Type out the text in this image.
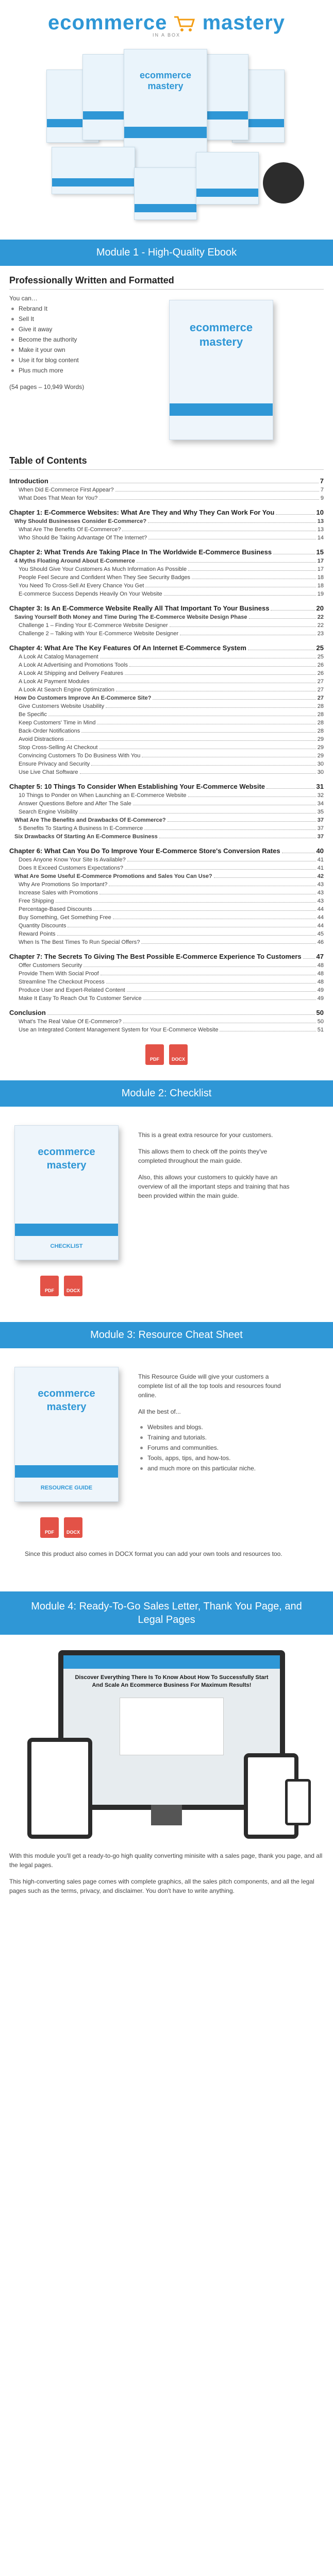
ecommerce mastery
IN A BOX
ecommerce mastery
Module 1 - High-Quality Ebook
Professionally Written and Formatted
You can…
Rebrand It
Sell It
Give it away
Become the authority
Make it your own
Use it for blog content
Plus much more
(54 pages – 10,949 Words)
ecommerce
mastery
Table of Contents
Introduction	7
When Did E-Commerce First Appear?	7
What Does That Mean for You?	9
Chapter 1: E-Commerce Websites: What Are They and Why They Can Work For You	10
Why Should Businesses Consider E-Commerce?	13
What Are The Benefits Of E-Commerce?	13
Who Should Be Taking Advantage Of The Internet?	14
Chapter 2: What Trends Are Taking Place In The Worldwide E-Commerce Business	15
4 Myths Floating Around About E-Commerce	17
You Should Give Your Customers As Much Information As Possible	17
People Feel Secure and Confident When They See Security Badges	18
You Need To Cross-Sell At Every Chance You Get	18
E-commerce Success Depends Heavily On Your Website	19
Chapter 3: Is An E-Commerce Website Really All That Important To Your Business	20
Saving Yourself Both Money and Time During The E-Commerce Website Design Phase	22
Challenge 1 – Finding Your E-Commerce Website Designer	22
Challenge 2 – Talking with Your E-Commerce Website Designer	23
Chapter 4: What Are The Key Features Of An Internet E-Commerce System	25
A Look At Catalog Management	25
A Look At Advertising and Promotions Tools	26
A Look At Shipping and Delivery Features	26
A Look At Payment Modules	27
A Look At Search Engine Optimization	27
How Do Customers Improve An E-Commerce Site?	27
Give Customers Website Usability	28
Be Specific	28
Keep Customers' Time in Mind	28
Back-Order Notifications	28
Avoid Distractions	29
Stop Cross-Selling At Checkout	29
Convincing Customers To Do Business With You	29
Ensure Privacy and Security	30
Use Live Chat Software	30
Chapter 5: 10 Things To Consider When Establishing Your E-Commerce Website	31
10 Things to Ponder on When Launching an E-Commerce Website	32
Answer Questions Before and After The Sale	34
Search Engine Visibility	35
What Are The Benefits and Drawbacks Of E-Commerce?	37
5 Benefits To Starting A Business In E-Commerce	37
Six Drawbacks Of Starting An E-Commerce Business	37
Chapter 6: What Can You Do To Improve Your E-Commerce Store's Conversion Rates	40
Does Anyone Know Your Site Is Available?	41
Does It Exceed Customers Expectations?	41
What Are Some Useful E-Commerce Promotions and Sales You Can Use?	42
Why Are Promotions So Important?	43
Increase Sales with Promotions	43
Free Shipping	43
Percentage-Based Discounts	44
Buy Something, Get Something Free	44
Quantity Discounts	44
Reward Points	45
When Is The Best Times To Run Special Offers?	46
Chapter 7: The Secrets To Giving The Best Possible E-Commerce Experience To Customers 47
Offer Customers Security	48
Provide Them With Social Proof	48
Streamline The Checkout Process	48
Produce User and Expert-Related Content	49
Make It Easy To Reach Out To Customer Service	49
Conclusion	50
What's The Real Value Of E-Commerce?	50
Use an Integrated Content Management System for Your E-Commerce Website	51
PDF	DOCX
Module 2: Checklist
ecommerce
mastery
CHECKLIST
PDF	DOCX

This is a great extra resource for your customers.

This allows them to check off the points they've completed throughout the main guide.

Also, this allows your customers to quickly have an overview of all the important steps and training that has been provided within the main guide.

Module 3: Resource Cheat Sheet
ecommerce
mastery
RESOURCE GUIDE
PDF	DOCX

This Resource Guide will give your customers a complete list of all the top tools and resources found online.

All the best of...

Websites and blogs.
Training and tutorials.
Forums and communities.
Tools, apps, tips, and how-tos.
and much more on this particular niche.

Since this product also comes in DOCX format you can add your own tools and resources too.

Module 4: Ready-To-Go Sales Letter, Thank You Page, and Legal Pages
Discover Everything There Is To Know About How To Successfully Start And Scale An Ecommerce Business For Maximum Results!

With this module you'll get a ready-to-go high quality converting minisite with a sales page, thank you page, and all the legal pages.

This high-converting sales page comes with complete graphics, all the sales pitch components, and all the legal pages such as the terms, privacy, and disclaimer. You don't have to write anything.
